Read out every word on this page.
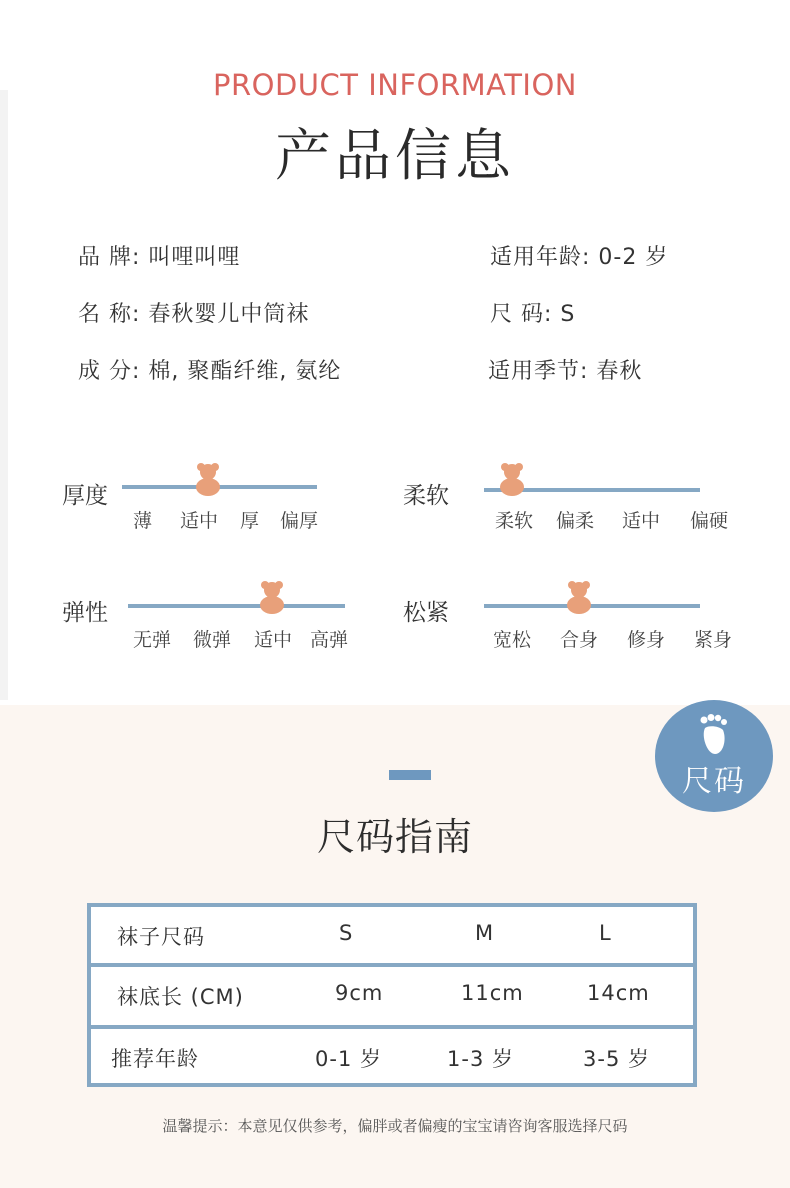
PRODUCT INFORMATION
产品信息
品 牌: 叫哩叫哩	适用年龄: 0-2 岁
名 称: 春秋婴儿中筒袜	尺 码: S
成 分: 棉, 聚酯纤维, 氨纶	适用季节: 春秋
厚度
薄 适中 厚 偏厚
柔软
柔软 偏柔 适中 偏硬
弹性
无弹 微弹 适中 高弹
松紧
宽松 合身 修身 紧身
尺码
尺码指南
袜子尺码	S	M	L
袜底长 (CM)	9cm	11cm	14cm
推荐年龄	0-1 岁	1-3 岁	3-5 岁
温馨提示：本意见仅供参考，偏胖或者偏瘦的宝宝请咨询客服选择尺码
